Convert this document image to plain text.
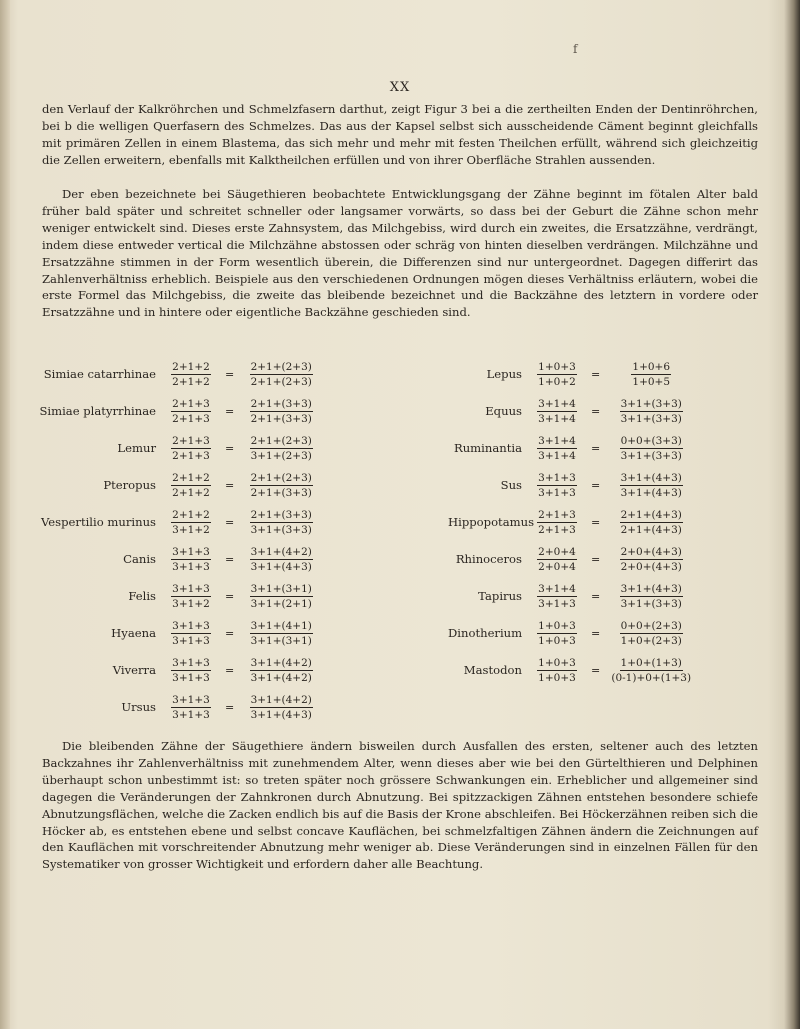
f
XX

den Verlauf der Kalkröhrchen und Schmelzfasern darthut, zeigt Figur 3 bei a die zertheilten Enden der Dentinröhrchen, bei b die welligen Querfasern des Schmelzes. Das aus der Kapsel selbst sich ausscheidende Cäment beginnt gleichfalls mit primären Zellen in einem Blastema, das sich mehr und mehr mit festen Theilchen erfüllt, während sich gleichzeitig die Zellen erweitern, ebenfalls mit Kalktheilchen erfüllen und von ihrer Oberfläche Strahlen aussenden.

Der eben bezeichnete bei Säugethieren beobachtete Entwicklungsgang der Zähne beginnt im fötalen Alter bald früher bald später und schreitet schneller oder langsamer vorwärts, so dass bei der Geburt die Zähne schon mehr weniger entwickelt sind. Dieses erste Zahnsystem, das Milchgebiss, wird durch ein zweites, die Ersatzzähne, verdrängt, indem diese entweder vertical die Milchzähne abstossen oder schräg von hinten dieselben verdrängen. Milchzähne und Ersatzzähne stimmen in der Form wesentlich überein, die Differenzen sind nur untergeordnet. Dagegen differirt das Zahlenverhältniss erheblich. Beispiele aus den verschiedenen Ordnungen mögen dieses Verhältniss erläutern, wobei die erste Formel das Milchgebiss, die zweite das bleibende bezeichnet und die Backzähne des letztern in vordere oder Ersatzzähne und in hintere oder eigentliche Backzähne geschieden sind.

Simiae catarrhinae	$\frac{2+1+2}{2+1+2}$	=	$\frac{2+1+(2+3)}{2+1+(2+3)}$
Simiae platyrrhinae	$\frac{2+1+3}{2+1+3}$	=	$\frac{2+1+(3+3)}{2+1+(3+3)}$
Lemur	$\frac{2+1+3}{2+1+3}$	=	$\frac{2+1+(2+3)}{3+1+(2+3)}$
Pteropus	$\frac{2+1+2}{2+1+2}$	=	$\frac{2+1+(2+3)}{2+1+(3+3)}$
Vespertilio murinus	$\frac{2+1+2}{3+1+2}$	=	$\frac{2+1+(3+3)}{3+1+(3+3)}$
Canis	$\frac{3+1+3}{3+1+3}$	=	$\frac{3+1+(4+2)}{3+1+(4+3)}$
Felis	$\frac{3+1+3}{3+1+2}$	=	$\frac{3+1+(3+1)}{3+1+(2+1)}$
Hyaena	$\frac{3+1+3}{3+1+3}$	=	$\frac{3+1+(4+1)}{3+1+(3+1)}$
Viverra	$\frac{3+1+3}{3+1+3}$	=	$\frac{3+1+(4+2)}{3+1+(4+2)}$
Ursus	$\frac{3+1+3}{3+1+3}$	=	$\frac{3+1+(4+2)}{3+1+(4+3)}$
Lepus	$\frac{1+0+3}{1+0+2}$	=	$\frac{1+0+6}{1+0+5}$
Equus	$\frac{3+1+4}{3+1+4}$	=	$\frac{3+1+(3+3)}{3+1+(3+3)}$
Ruminantia	$\frac{3+1+4}{3+1+4}$	=	$\frac{0+0+(3+3)}{3+1+(3+3)}$
Sus	$\frac{3+1+3}{3+1+3}$	=	$\frac{3+1+(4+3)}{3+1+(4+3)}$
Hippopotamus $\frac{2+1+3}{2+1+3}$	=	$\frac{2+1+(4+3)}{2+1+(4+3)}$
Rhinoceros	$\frac{2+0+4}{2+0+4}$	=	$\frac{2+0+(4+3)}{2+0+(4+3)}$
Tapirus	$\frac{3+1+4}{3+1+3}$	=	$\frac{3+1+(4+3)}{3+1+(3+3)}$
Dinotherium	$\frac{1+0+3}{1+0+3}$	=	$\frac{0+0+(2+3)}{1+0+(2+3)}$
Mastodon	$\frac{1+0+3}{1+0+3}$	= $\frac{1+0+(1+3)}{(0-1)+0+(1+3)}$

Die bleibenden Zähne der Säugethiere ändern bisweilen durch Ausfallen des ersten, seltener auch des letzten Backzahnes ihr Zahlenverhältniss mit zunehmendem Alter, wenn dieses aber wie bei den Gürtelthieren und Delphinen überhaupt schon unbestimmt ist: so treten später noch grössere Schwankungen ein. Erheblicher und allgemeiner sind dagegen die Veränderungen der Zahnkronen durch Abnutzung. Bei spitzzackigen Zähnen entstehen besondere schiefe Abnutzungsflächen, welche die Zacken endlich bis auf die Basis der Krone abschleifen. Bei Höckerzähnen reiben sich die Höcker ab, es entstehen ebene und selbst concave Kauflächen, bei schmelzfaltigen Zähnen ändern die Zeichnungen auf den Kauflächen mit vorschreitender Abnutzung mehr weniger ab. Diese Veränderungen sind in einzelnen Fällen für den Systematiker von grosser Wichtigkeit und erfordern daher alle Beachtung.
